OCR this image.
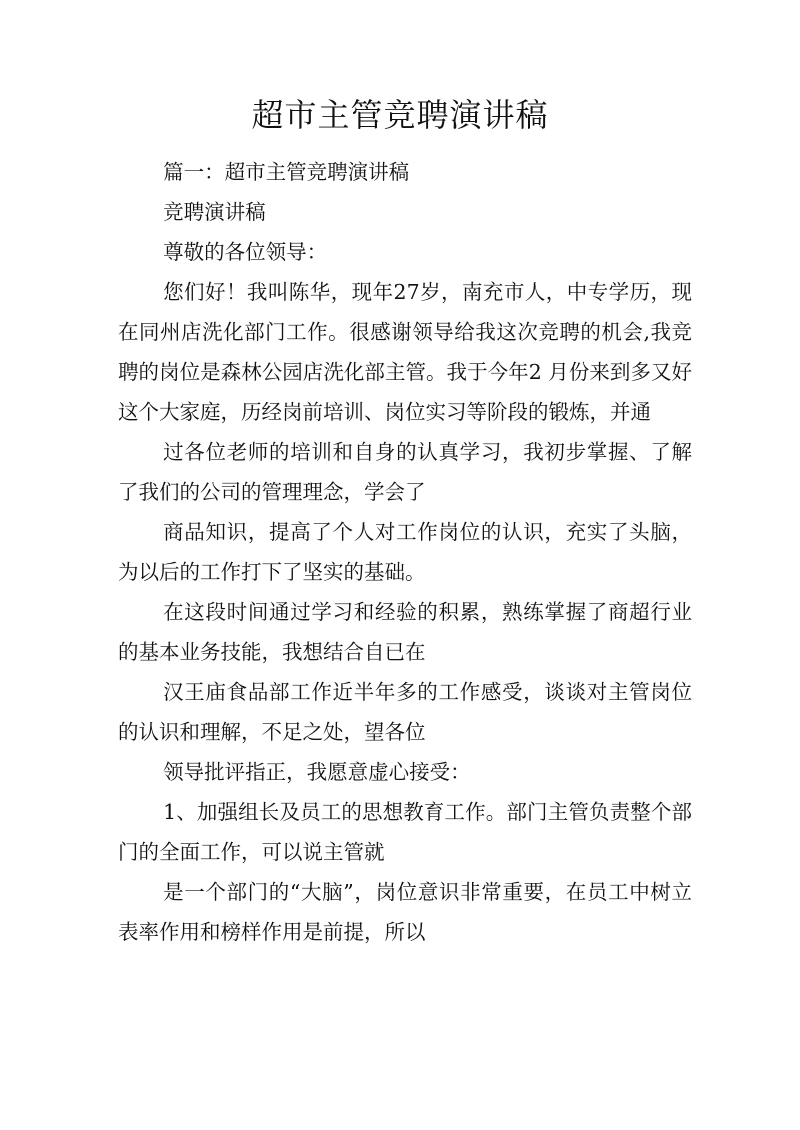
超市主管竞聘演讲稿

篇一：超市主管竞聘演讲稿

竞聘演讲稿

尊敬的各位领导：

您们好！我叫陈华，现年27岁，南充市人，中专学历，现在同州店洗化部门工作。很感谢领导给我这次竞聘的机会,我竞聘的岗位是森林公园店洗化部主管。我于今年2 月份来到多又好这个大家庭，历经岗前培训、岗位实习等阶段的锻炼，并通

过各位老师的培训和自身的认真学习，我初步掌握、了解了我们的公司的管理理念，学会了

商品知识，提高了个人对工作岗位的认识，充实了头脑，为以后的工作打下了坚实的基础。

在这段时间通过学习和经验的积累，熟练掌握了商超行业的基本业务技能，我想结合自已在

汉王庙食品部工作近半年多的工作感受，谈谈对主管岗位的认识和理解，不足之处，望各位

领导批评指正，我愿意虚心接受：

1、加强组长及员工的思想教育工作。部门主管负责整个部门的全面工作，可以说主管就

是一个部门的“大脑”，岗位意识非常重要，在员工中树立表率作用和榜样作用是前提，所以
